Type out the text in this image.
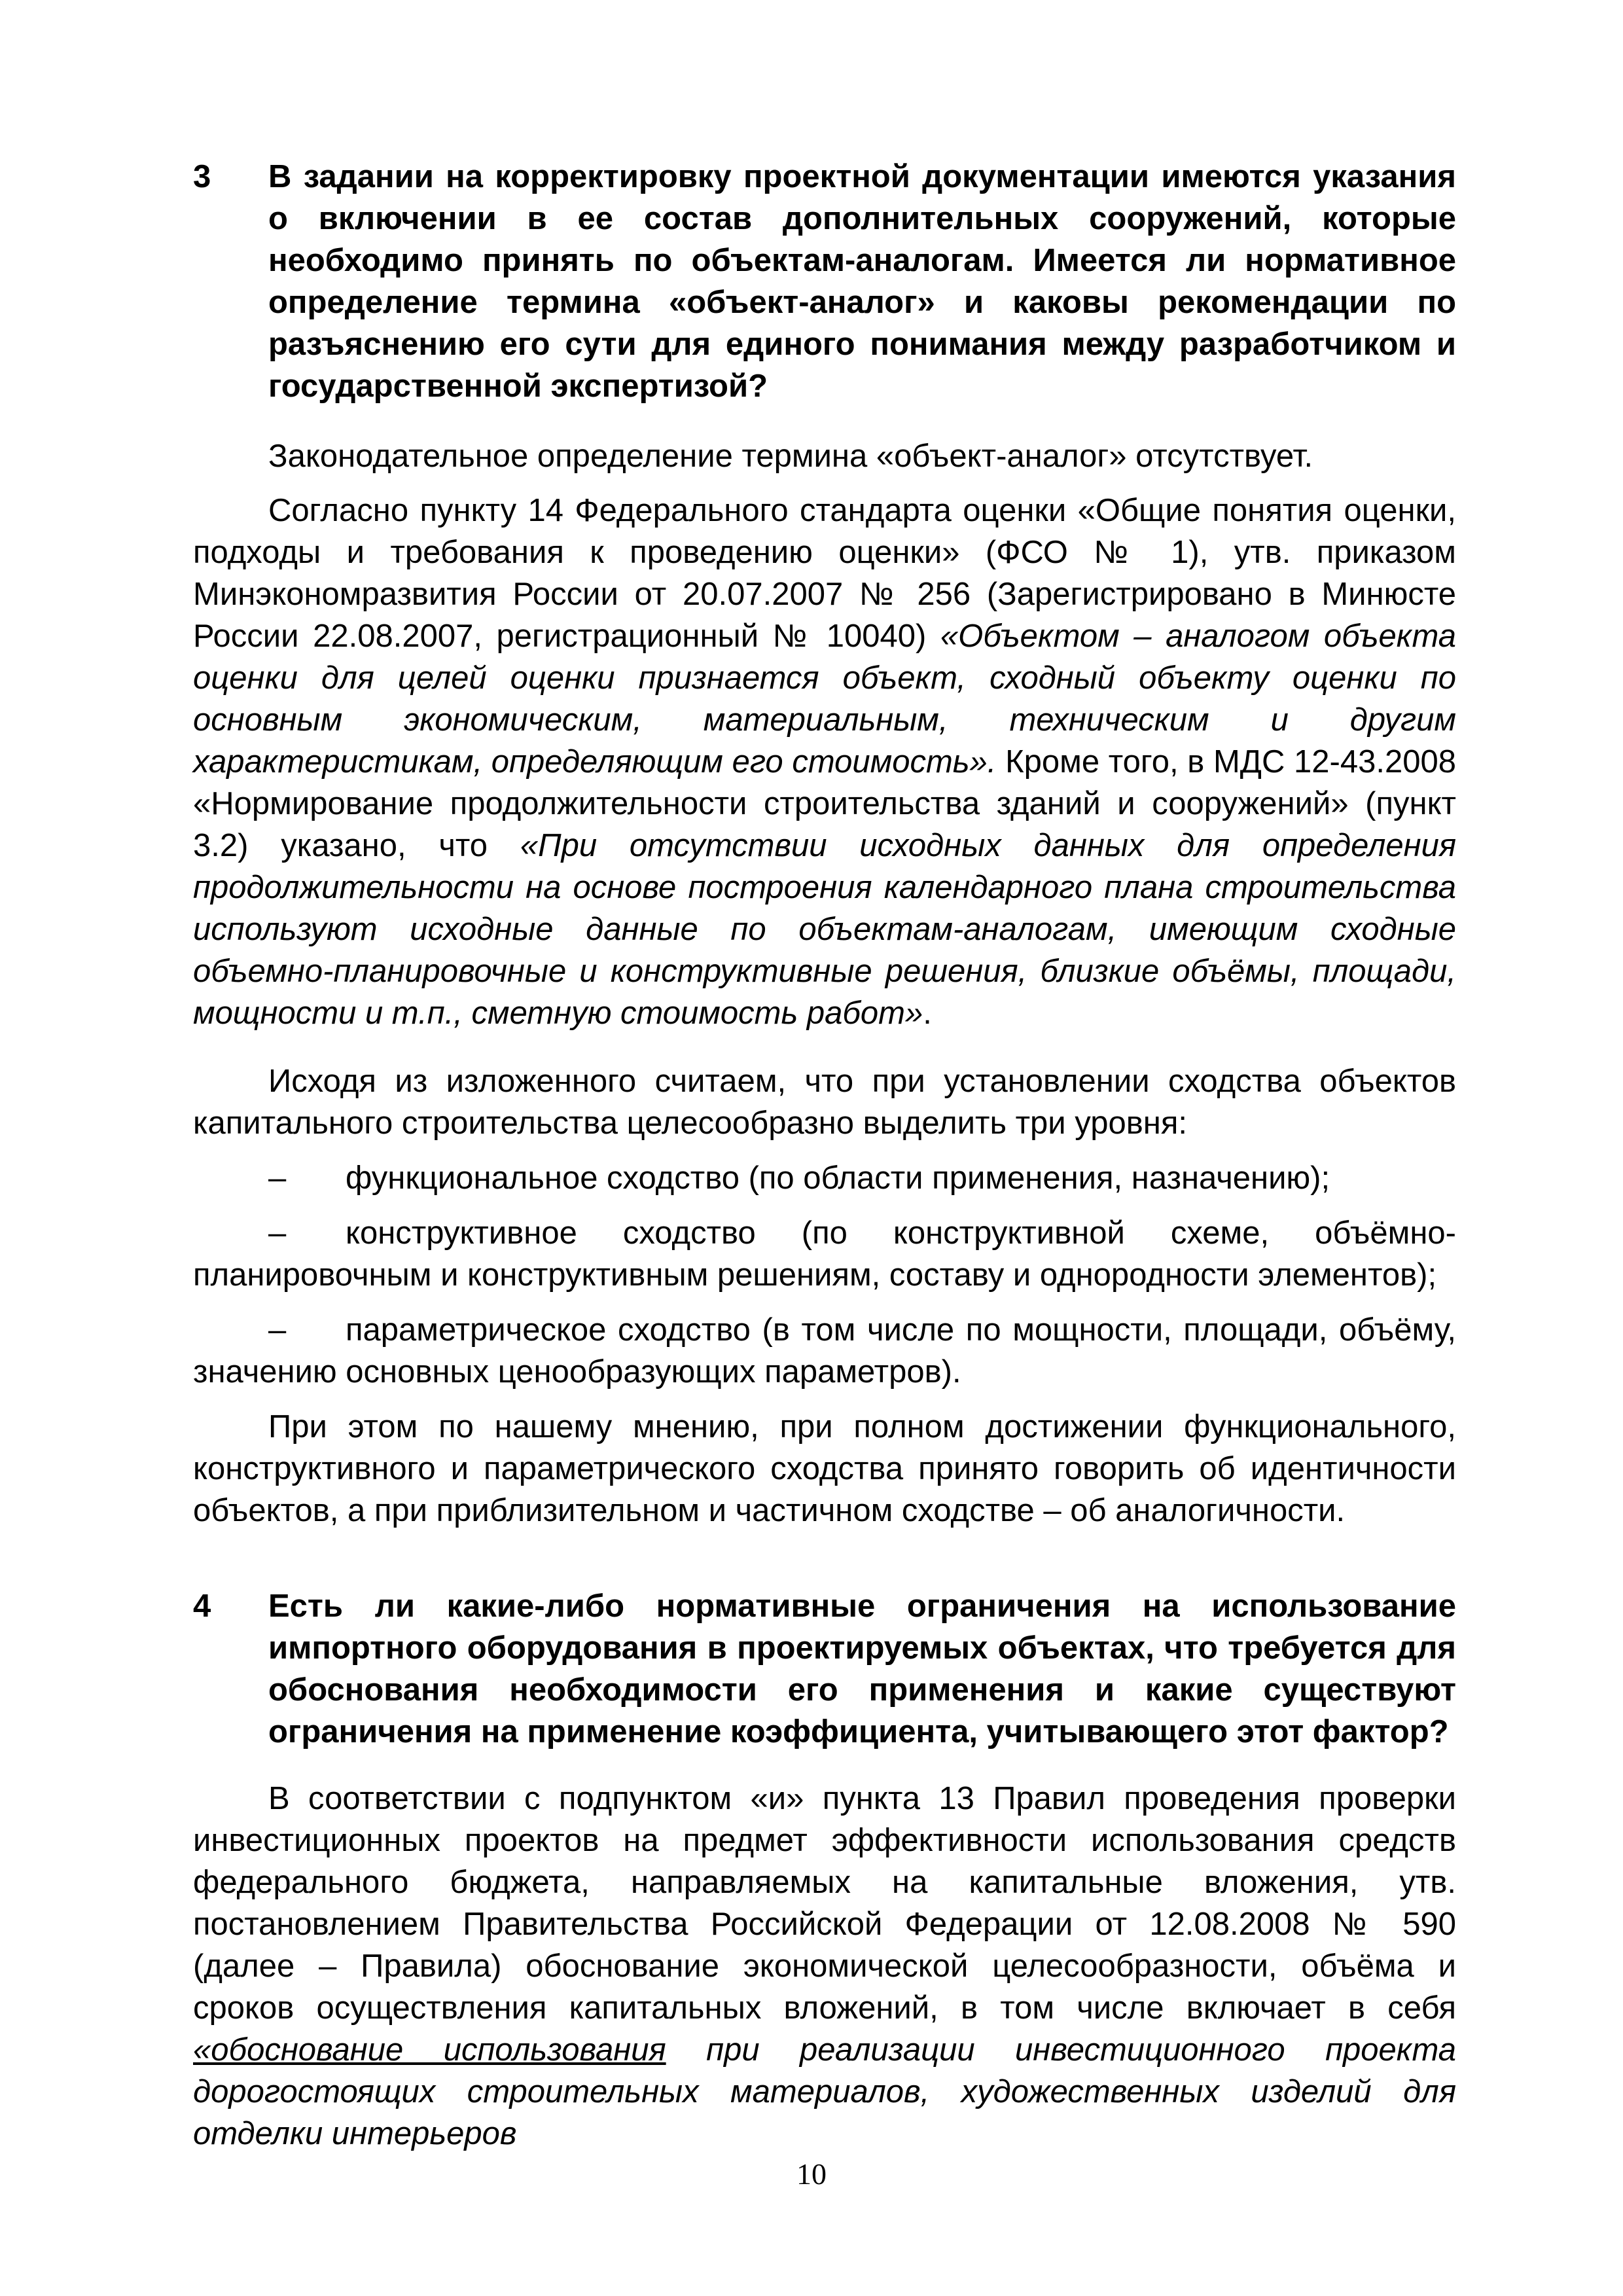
3 В задании на корректировку проектной документации имеются указания о включении в ее состав дополнительных сооружений, которые необходимо принять по объектам-аналогам. Имеется ли нормативное определение термина «объект-аналог» и каковы рекомендации по разъяснению его сути для единого понимания между разработчиком и государственной экспертизой?
Законодательное определение термина «объект-аналог» отсутствует.
Согласно пункту 14 Федерального стандарта оценки «Общие понятия оценки, подходы и требования к проведению оценки» (ФСО № 1), утв. приказом Минэкономразвития России от 20.07.2007 № 256 (Зарегистрировано в Минюсте России 22.08.2007, регистрационный № 10040) «Объектом – аналогом объекта оценки для целей оценки признается объект, сходный объекту оценки по основным экономическим, материальным, техническим и другим характеристикам, определяющим его стоимость». Кроме того, в МДС 12-43.2008 «Нормирование продолжительности строительства зданий и сооружений» (пункт 3.2) указано, что «При отсутствии исходных данных для определения продолжительности на основе построения календарного плана строительства используют исходные данные по объектам-аналогам, имеющим сходные объемно-планировочные и конструктивные решения, близкие объёмы, площади, мощности и т.п., сметную стоимость работ».
Исходя из изложенного считаем, что при установлении сходства объектов капитального строительства целесообразно выделить три уровня:
– функциональное сходство (по области применения, назначению);
– конструктивное сходство (по конструктивной схеме, объёмно-планировочным и конструктивным решениям, составу и однородности элементов);
– параметрическое сходство (в том числе по мощности, площади, объёму, значению основных ценообразующих параметров).
При этом по нашему мнению, при полном достижении функционального, конструктивного и параметрического сходства принято говорить об идентичности объектов, а при приблизительном и частичном сходстве – об аналогичности.
4 Есть ли какие-либо нормативные ограничения на использование импортного оборудования в проектируемых объектах, что требуется для обоснования необходимости его применения и какие существуют ограничения на применение коэффициента, учитывающего этот фактор?
В соответствии с подпунктом «и» пункта 13 Правил проведения проверки инвестиционных проектов на предмет эффективности использования средств федерального бюджета, направляемых на капитальные вложения, утв. постановлением Правительства Российской Федерации от 12.08.2008 № 590 (далее – Правила) обоснование экономической целесообразности, объёма и сроков осуществления капитальных вложений, в том числе включает в себя «обоснование использования при реализации инвестиционного проекта дорогостоящих строительных материалов, художественных изделий для отделки интерьеров
10
